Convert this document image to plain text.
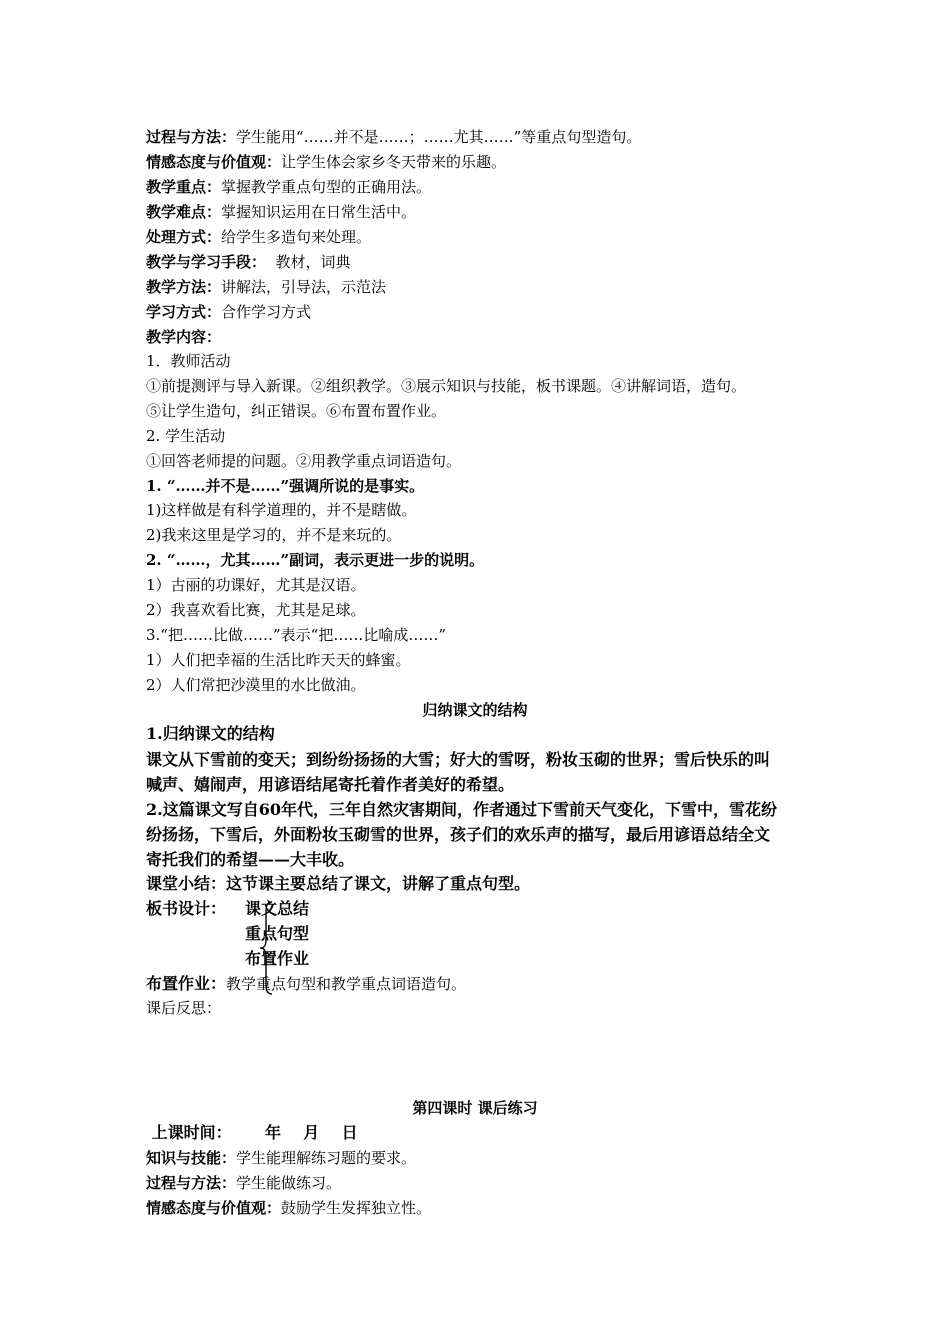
过程与方法：学生能用“……并不是……；……尤其……”等重点句型造句。
情感态度与价值观：让学生体会家乡冬天带来的乐趣。
教学重点：掌握教学重点句型的正确用法。
教学难点：掌握知识运用在日常生活中。
处理方式：给学生多造句来处理。
教学与学习手段：  教材，词典
教学方法：讲解法，引导法，示范法
学习方式：合作学习方式
教学内容：
1．教师活动
①前提测评与导入新课。②组织教学。③展示知识与技能，板书课题。④讲解词语，造句。
⑤让学生造句，纠正错误。⑥布置布置作业。
2. 学生活动
①回答老师提的问题。②用教学重点词语造句。
1. “……并不是……”强调所说的是事实。
1)这样做是有科学道理的，并不是瞎做。
2)我来这里是学习的，并不是来玩的。
2. “……，尤其……”副词，表示更进一步的说明。
1）古丽的功课好，尤其是汉语。
2）我喜欢看比赛，尤其是足球。
3.“把……比做……”表示“把……比喻成……”
1）人们把幸福的生活比昨天天的蜂蜜。
2）人们常把沙漠里的水比做油。
归纳课文的结构
1.归纳课文的结构
课文从下雪前的变天；到纷纷扬扬的大雪；好大的雪呀，粉妆玉砌的世界；雪后快乐的叫
喊声、嬉闹声，用谚语结尾寄托着作者美好的希望。
2.这篇课文写自60年代，三年自然灾害期间，作者通过下雪前天气变化，下雪中，雪花纷
纷扬扬，下雪后，外面粉妆玉砌雪的世界，孩子们的欢乐声的描写，最后用谚语总结全文
寄托我们的希望——大丰收。
课堂小结：这节课主要总结了课文，讲解了重点句型。
板书设计： 课文总结
重点句型
布置作业
布置作业：教学重点句型和教学重点词语造句。
课后反思：
第四课时 课后练习
上课时间：      年    月    日
知识与技能：学生能理解练习题的要求。
过程与方法：学生能做练习。
情感态度与价值观：鼓励学生发挥独立性。
